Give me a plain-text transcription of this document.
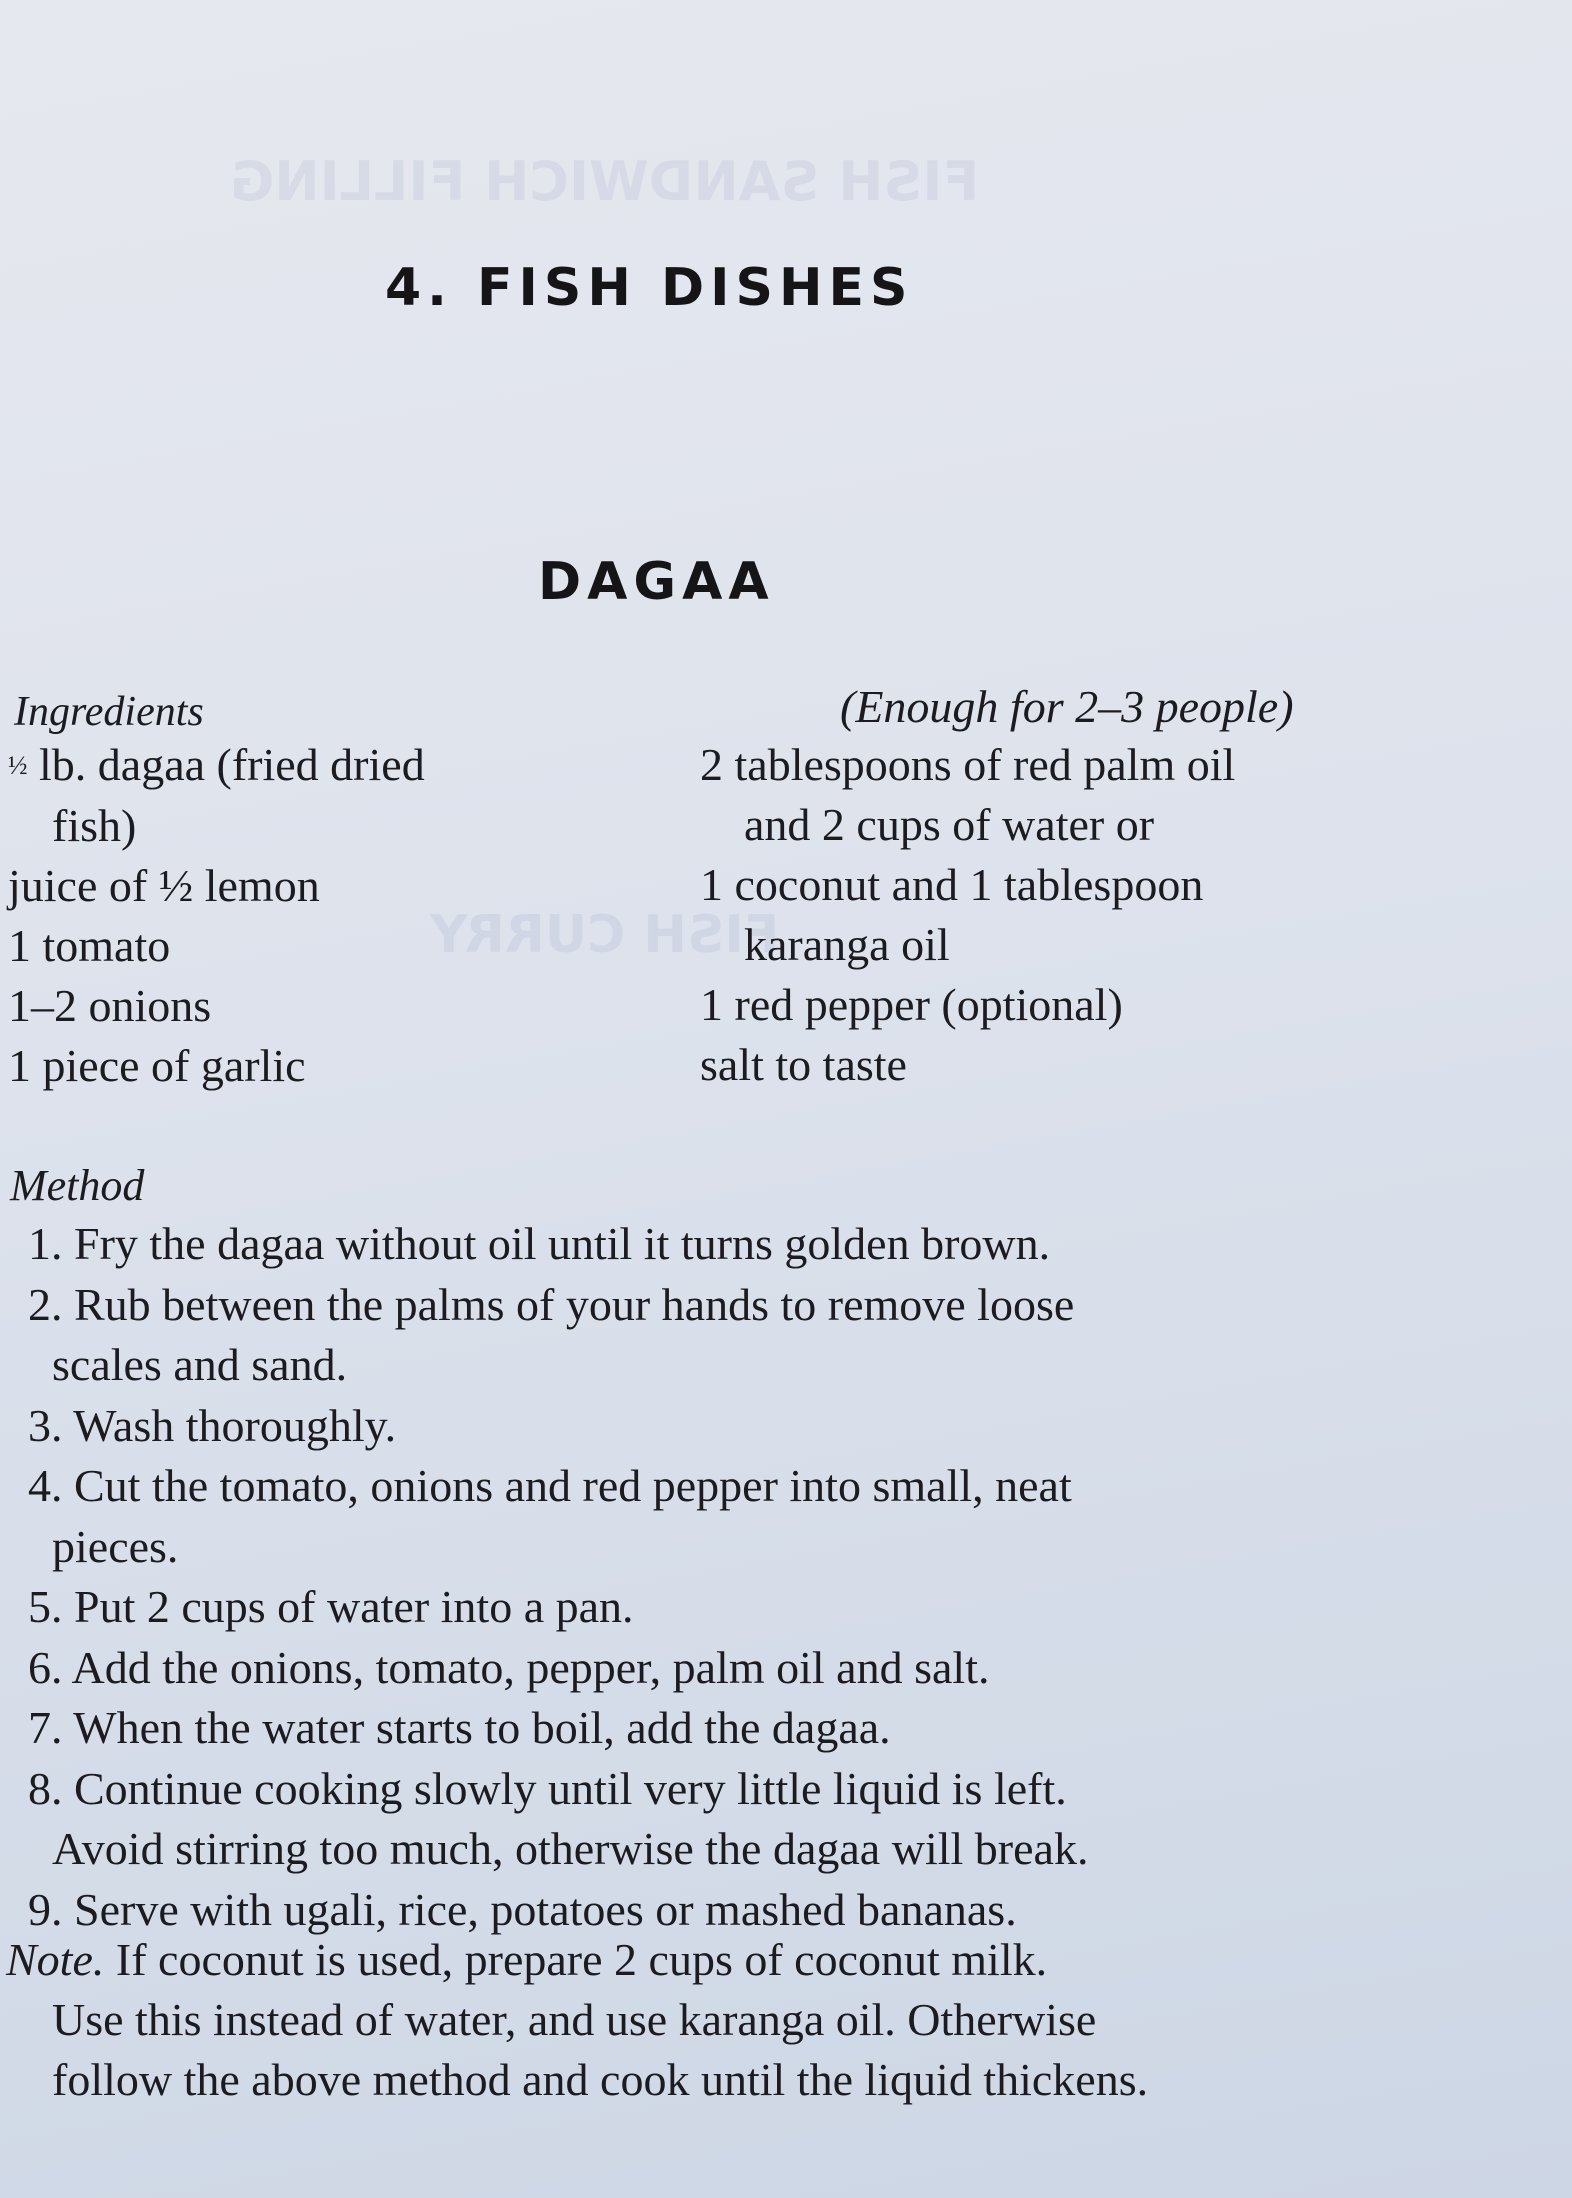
FISH SANDWICH FILLING
FISH CURRY
4. FISH DISHES
DAGAA
Ingredients	(Enough for 2–3 people)
½ lb. dagaa (fried dried
fish)
juice of ½ lemon
1 tomato
1–2 onions
1 piece of garlic
2 tablespoons of red palm oil
and 2 cups of water or
1 coconut and 1 tablespoon
karanga oil
1 red pepper (optional)
salt to taste
Method
1. Fry the dagaa without oil until it turns golden brown.
2. Rub between the palms of your hands to remove loose
scales and sand.
3. Wash thoroughly.
4. Cut the tomato, onions and red pepper into small, neat
pieces.
5. Put 2 cups of water into a pan.
6. Add the onions, tomato, pepper, palm oil and salt.
7. When the water starts to boil, add the dagaa.
8. Continue cooking slowly until very little liquid is left.
Avoid stirring too much, otherwise the dagaa will break.
9. Serve with ugali, rice, potatoes or mashed bananas.
Note. If coconut is used, prepare 2 cups of coconut milk.
Use this instead of water, and use karanga oil. Otherwise
follow the above method and cook until the liquid thickens.
